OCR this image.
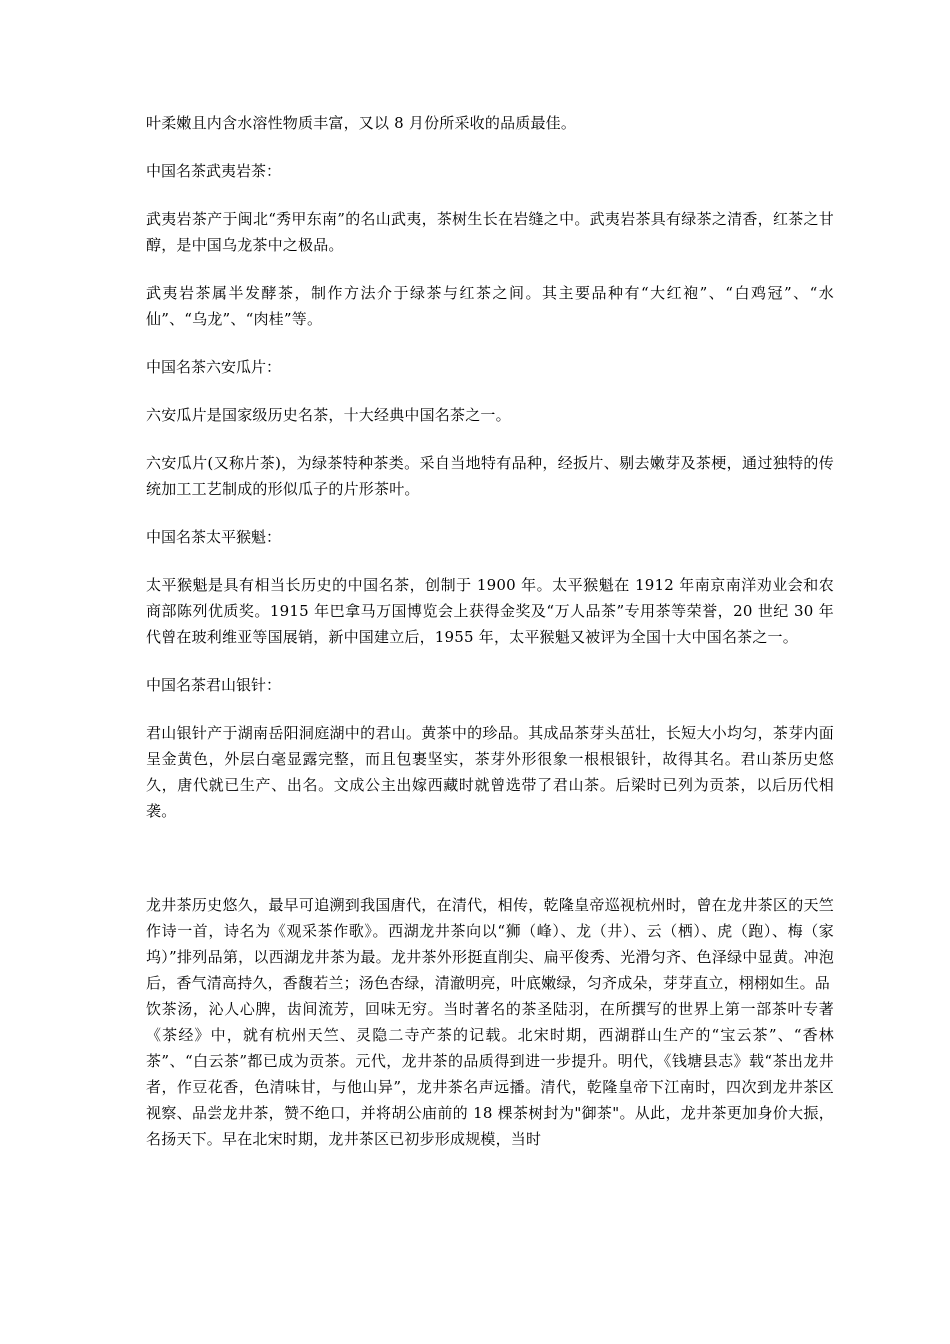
叶柔嫩且内含水溶性物质丰富，又以 8 月份所采收的品质最佳。

中国名茶武夷岩茶：

武夷岩茶产于闽北“秀甲东南”的名山武夷，茶树生长在岩缝之中。武夷岩茶具有绿茶之清香，红茶之甘醇，是中国乌龙茶中之极品。

武夷岩茶属半发酵茶，制作方法介于绿茶与红茶之间。其主要品种有“大红袍”、“白鸡冠”、“水仙”、“乌龙”、“肉桂”等。

中国名茶六安瓜片：

六安瓜片是国家级历史名茶，十大经典中国名茶之一。

六安瓜片(又称片茶)，为绿茶特种茶类。采自当地特有品种，经扳片、剔去嫩芽及茶梗，通过独特的传统加工工艺制成的形似瓜子的片形茶叶。

中国名茶太平猴魁：

太平猴魁是具有相当长历史的中国名茶，创制于 1900 年。太平猴魁在 1912 年南京南洋劝业会和农商部陈列优质奖。1915 年巴拿马万国博览会上获得金奖及“万人品茶”专用茶等荣誉，20 世纪 30 年代曾在玻利维亚等国展销，新中国建立后，1955 年，太平猴魁又被评为全国十大中国名茶之一。

中国名茶君山银针：

君山银针产于湖南岳阳洞庭湖中的君山。黄茶中的珍品。其成品茶芽头茁壮，长短大小均匀，茶芽内面呈金黄色，外层白毫显露完整，而且包裹坚实，茶芽外形很象一根根银针，故得其名。君山茶历史悠久，唐代就已生产、出名。文成公主出嫁西藏时就曾选带了君山茶。后梁时已列为贡茶，以后历代相袭。

龙井茶历史悠久，最早可追溯到我国唐代，在清代，相传，乾隆皇帝巡视杭州时，曾在龙井茶区的天竺作诗一首，诗名为《观采茶作歌》。西湖龙井茶向以“狮（峰）、龙（井）、云（栖）、虎（跑）、梅（家坞）”排列品第，以西湖龙井茶为最。龙井茶外形挺直削尖、扁平俊秀、光滑匀齐、色泽绿中显黄。冲泡后，香气清高持久，香馥若兰；汤色杏绿，清澈明亮，叶底嫩绿，匀齐成朵，芽芽直立，栩栩如生。品

饮茶汤，沁人心脾，齿间流芳，回味无穷。当时著名的茶圣陆羽，在所撰写的世界上第一部茶叶专著《茶经》中，就有杭州天竺、灵隐二寺产茶的记载。北宋时期，西湖群山生产的“宝云茶”、“香林茶”、“白云茶”都已成为贡茶。元代，龙井茶的品质得到进一步提升。明代，《钱塘县志》载“茶出龙井者，作豆花香，色清味甘，与他山异”，龙井茶名声远播。清代，乾隆皇帝下江南时，四次到龙井茶区视察、品尝龙井茶，赞不绝口，并将胡公庙前的 18 棵茶树封为"御茶"。从此，龙井茶更加身价大振，名扬天下。早在北宋时期，龙井茶区已初步形成规模，当时
